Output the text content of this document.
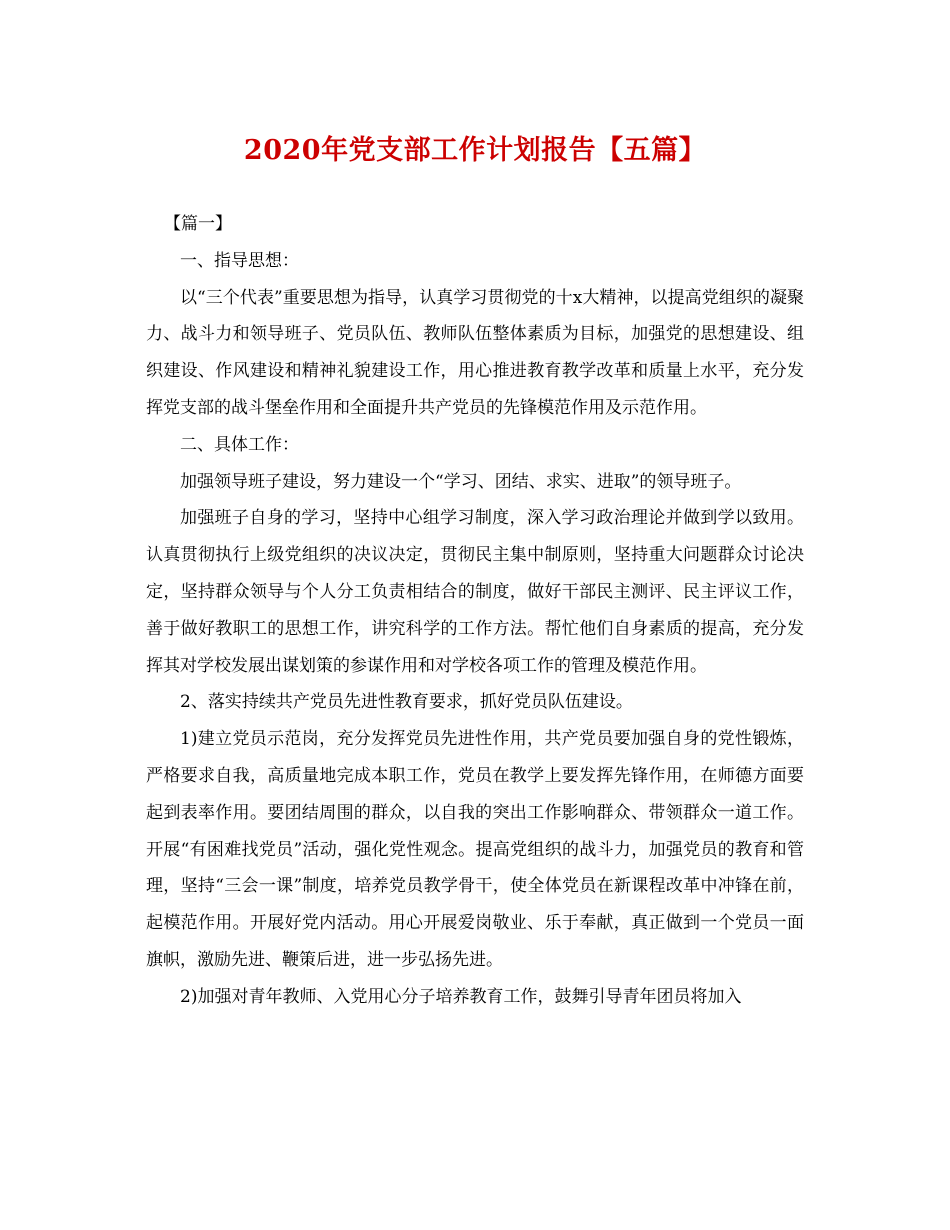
2020年党支部工作计划报告【五篇】

【篇一】

一、指导思想：

以“三个代表”重要思想为指导，认真学习贯彻党的十x大精神，以提高党组织的凝聚力、战斗力和领导班子、党员队伍、教师队伍整体素质为目标，加强党的思想建设、组织建设、作风建设和精神礼貌建设工作，用心推进教育教学改革和质量上水平，充分发挥党支部的战斗堡垒作用和全面提升共产党员的先锋模范作用及示范作用。

二、具体工作：

加强领导班子建设，努力建设一个“学习、团结、求实、进取”的领导班子。

加强班子自身的学习，坚持中心组学习制度，深入学习政治理论并做到学以致用。认真贯彻执行上级党组织的决议决定，贯彻民主集中制原则，坚持重大问题群众讨论决定，坚持群众领导与个人分工负责相结合的制度，做好干部民主测评、民主评议工作，善于做好教职工的思想工作，讲究科学的工作方法。帮忙他们自身素质的提高，充分发挥其对学校发展出谋划策的参谋作用和对学校各项工作的管理及模范作用。

2、落实持续共产党员先进性教育要求，抓好党员队伍建设。

1)建立党员示范岗，充分发挥党员先进性作用，共产党员要加强自身的党性锻炼，严格要求自我，高质量地完成本职工作，党员在教学上要发挥先锋作用，在师德方面要起到表率作用。要团结周围的群众，以自我的突出工作影响群众、带领群众一道工作。开展“有困难找党员”活动，强化党性观念。提高党组织的战斗力，加强党员的教育和管理，坚持“三会一课”制度，培养党员教学骨干，使全体党员在新课程改革中冲锋在前，起模范作用。开展好党内活动。用心开展爱岗敬业、乐于奉献，真正做到一个党员一面旗帜，激励先进、鞭策后进，进一步弘扬先进。

2)加强对青年教师、入党用心分子培养教育工作，鼓舞引导青年团员将加入
